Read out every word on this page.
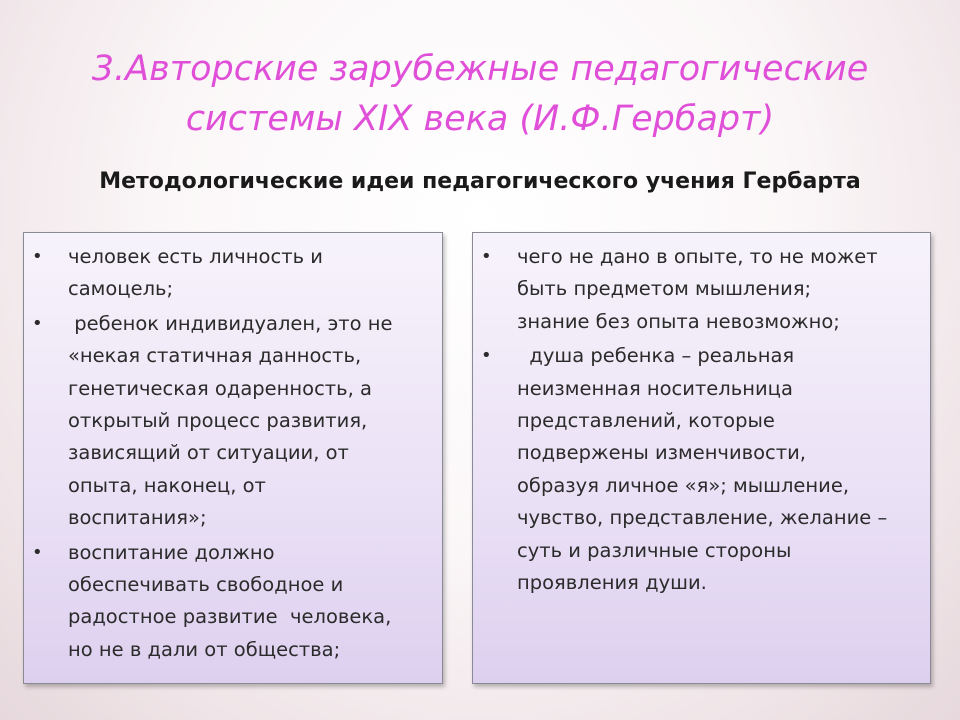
3.Авторские зарубежные педагогические
системы XIX века (И.Ф.Гербарт)
Методологические идеи педагогического учения Гербарта
• человек есть личность и
самоцель;
• ребенок индивидуален, это не
«некая статичная данность,
генетическая одаренность, а
открытый процесс развития,
зависящий от ситуации, от
опыта, наконец, от
воспитания»;
• воспитание должно
обеспечивать свободное и
радостное развитие  человека,
но не в дали от общества;
• чего не дано в опыте, то не может
быть предметом мышления;
знание без опыта невозможно;
• душа ребенка – реальная
неизменная носительница
представлений, которые
подвержены изменчивости,
образуя личное «я»; мышление,
чувство, представление, желание –
суть и различные стороны
проявления души.
